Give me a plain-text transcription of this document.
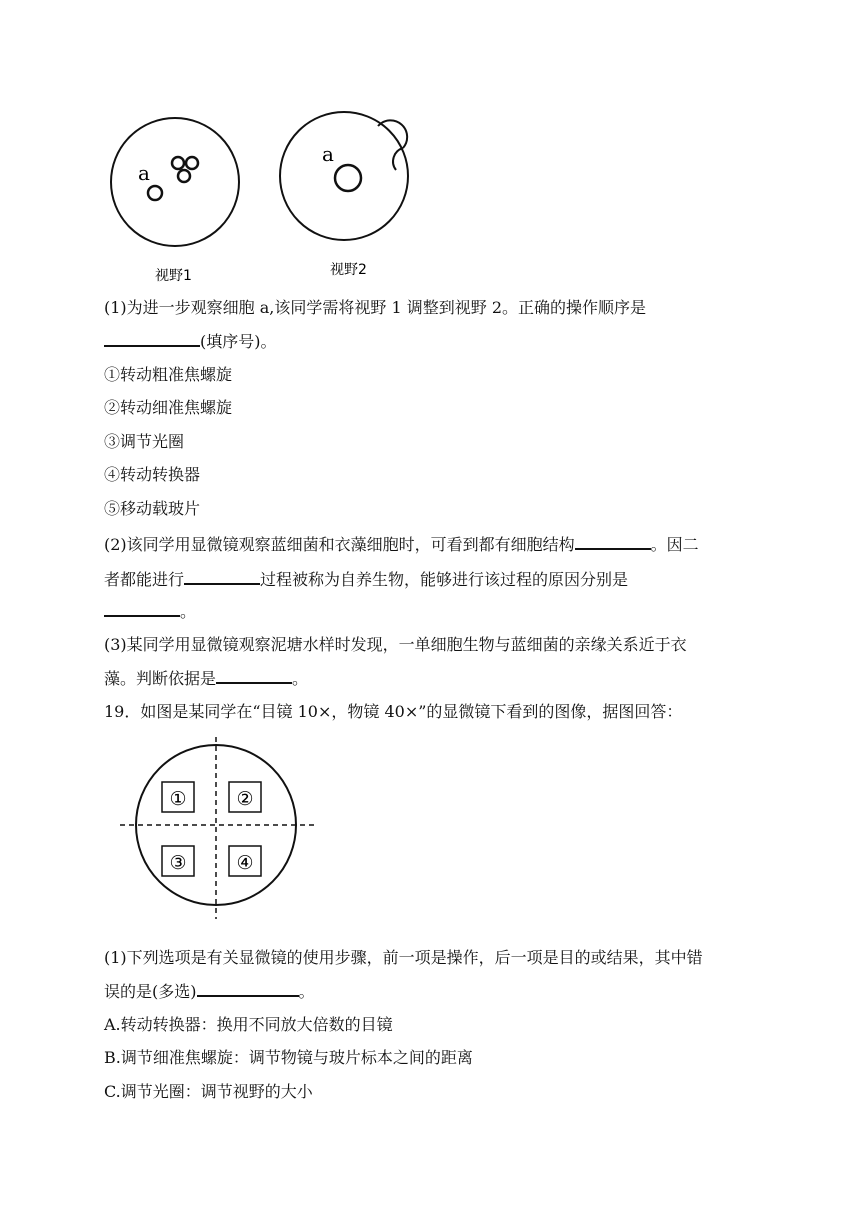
a
视野1
a
视野2
(1)为进一步观察细胞 a,该同学需将视野 1 调整到视野 2。正确的操作顺序是
(填序号)。
①转动粗准焦螺旋
②转动细准焦螺旋
③调节光圈
④转动转换器
⑤移动载玻片
(2)该同学用显微镜观察蓝细菌和衣藻细胞时，可看到都有细胞结构	。因二
者都能进行	过程被称为自养生物，能够进行该过程的原因分别是
。
(3)某同学用显微镜观察泥塘水样时发现，一单细胞生物与蓝细菌的亲缘关系近于衣
藻。判断依据是	。
19．如图是某同学在“目镜 10×，物镜 40×”的显微镜下看到的图像，据图回答：
①	②
③	④
(1)下列选项是有关显微镜的使用步骤，前一项是操作，后一项是目的或结果，其中错
误的是(多选)	。
A.转动转换器：换用不同放大倍数的目镜
B.调节细准焦螺旋：调节物镜与玻片标本之间的距离
C.调节光圈：调节视野的大小
